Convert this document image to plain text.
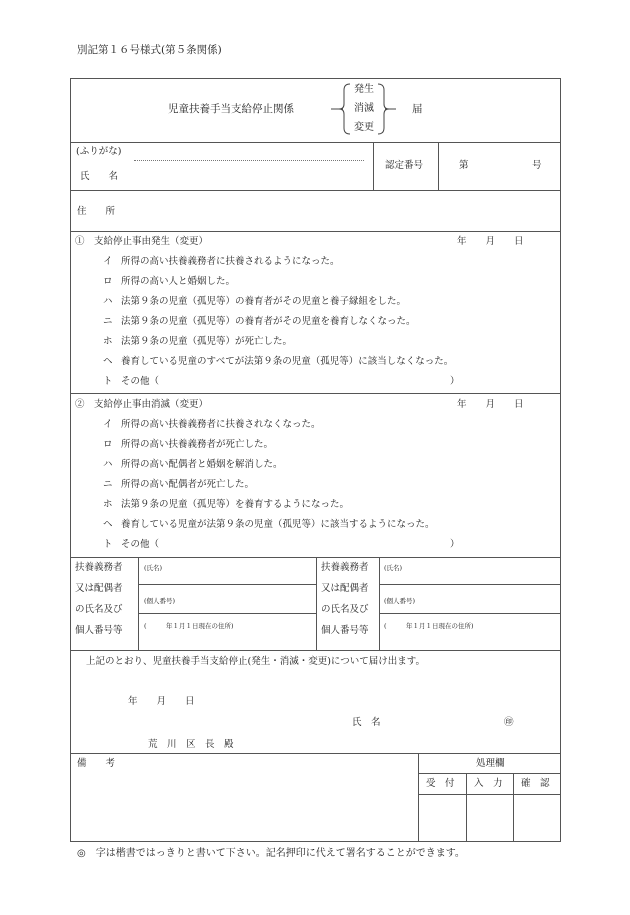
別記第１６号様式(第５条関係)
児童扶養手当支給停止関係
発生
消滅
変更
届
(ふりがな)
氏　　名
認定番号	第	号
住　　所
①　支給停止事由発生（変更）	年　　月　　日
イ 所得の高い扶養義務者に扶養されるようになった。
ロ 所得の高い人と婚姻した。
ハ 法第９条の児童（孤児等）の養育者がその児童と養子縁組をした。
ニ 法第９条の児童（孤児等）の養育者がその児童を養育しなくなった。
ホ 法第９条の児童（孤児等）が死亡した。
ヘ 養育している児童のすべてが法第９条の児童（孤児等）に該当しなくなった。
ト その他（	）
②　支給停止事由消滅（変更）	年　　月　　日
イ 所得の高い扶養義務者に扶養されなくなった。
ロ 所得の高い扶養義務者が死亡した。
ハ 所得の高い配偶者と婚姻を解消した。
ニ 所得の高い配偶者が死亡した。
ホ 法第９条の児童（孤児等）を養育するようになった。
ヘ 養育している児童が法第９条の児童（孤児等）に該当するようになった。
ト その他（	）
扶養義務者
又は配偶者
の氏名及び
個人番号等
(氏名)
(個人番号)
(　　　年１月１日現在の住所)
扶養義務者
又は配偶者
の氏名及び
個人番号等
(氏名)
(個人番号)
(　　　年１月１日現在の住所)
上記のとおり、児童扶養手当支給停止(発生・消滅・変更)について届け出ます。
年　　月　　日
氏　名	㊞
荒　川　区　長　殿
備　　考	処理欄
受　付 入　力 確　認
◎　字は楷書ではっきりと書いて下さい。記名押印に代えて署名することができます。
